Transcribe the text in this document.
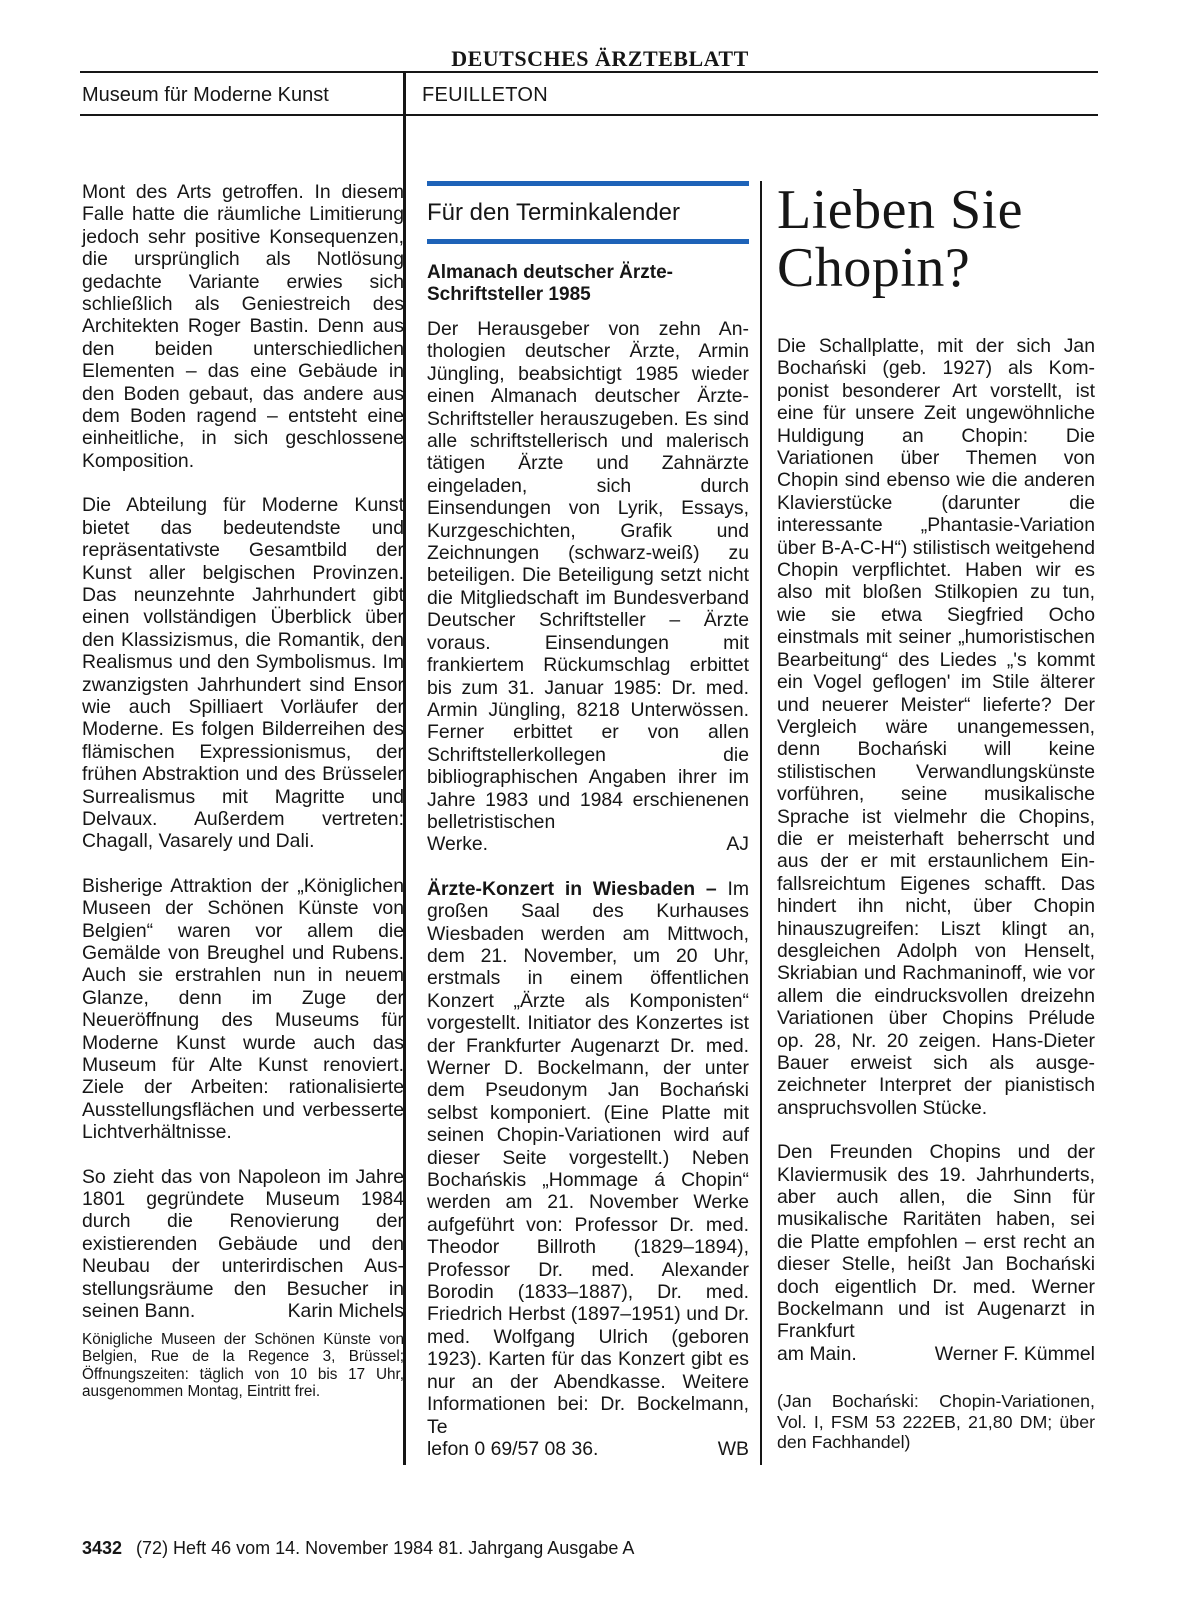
DEUTSCHES ÄRZTEBLATT
Museum für Moderne Kunst	FEUILLETON

Mont des Arts getroffen. In diesem Falle hatte die räumliche Limitierung jedoch sehr positive Konsequenzen, die ursprünglich als Notlösung gedachte Variante erwies sich schließlich als Geniestreich des Architekten Roger Bastin. Denn aus den beiden unterschiedlichen Elementen – das eine Gebäude in den Boden gebaut, das andere aus dem Boden ragend – entsteht eine einheitliche, in sich geschlossene Komposition.

Die Abteilung für Moderne Kunst bietet das bedeutendste und repräsentativste Gesamtbild der Kunst aller belgischen Provinzen. Das neunzehnte Jahrhundert gibt einen vollständigen Überblick über den Klassizismus, die Romantik, den Realismus und den Symbolismus. Im zwanzigsten Jahrhundert sind Ensor wie auch Spilliaert Vorläufer der Moderne. Es folgen Bilderreihen des flämischen Expressionismus, der frühen Abstraktion und des Brüsseler Surrealismus mit Magritte und Delvaux. Außerdem vertreten: Chagall, Vasarely und Dali.

Bisherige Attraktion der „Königlichen Museen der Schönen Künste von Belgien“ waren vor allem die Gemälde von Breughel und Rubens. Auch sie erstrahlen nun in neuem Glanze, denn im Zuge der Neueröffnung des Museums für Moderne Kunst wurde auch das Museum für Alte Kunst renoviert. Ziele der Arbeiten: rationalisierte Ausstellungsflächen und verbesserte Lichtverhältnisse.

So zieht das von Napoleon im Jahre 1801 gegründete Museum 1984 durch die Renovierung der existierenden Gebäude und den Neubau der unterirdischen Ausstellungsräume den Besucher in seinen Bann.	Karin Michels

Königliche Museen der Schönen Künste von Belgien, Rue de la Regence 3, Brüssel; Öffnungszeiten: täglich von 10 bis 17 Uhr, ausgenommen Montag, Eintritt frei.

Für den Terminkalender
Almanach deutscher Ärzte-Schriftsteller 1985

Der Herausgeber von zehn Anthologien deutscher Ärzte, Armin Jüngling, beabsichtigt 1985 wieder einen Almanach deutscher Ärzte-Schriftsteller herauszugeben. Es sind alle schriftstellerisch und malerisch tätigen Ärzte und Zahnärzte eingeladen, sich durch Einsendungen von Lyrik, Essays, Kurzgeschichten, Grafik und Zeichnungen (schwarz-weiß) zu beteiligen. Die Beteiligung setzt nicht die Mitgliedschaft im Bundesverband Deutscher Schriftsteller – Ärzte voraus. Einsendungen mit frankiertem Rückumschlag erbittet bis zum 31. Januar 1985: Dr. med. Armin Jüngling, 8218 Unterwössen. Ferner erbittet er von allen Schriftstellerkollegen die bibliographischen Angaben ihrer im Jahre 1983 und 1984 erschienenen belletristischen

Werke.	AJ

Ärzte-Konzert in Wiesbaden – Im großen Saal des Kurhauses Wiesbaden werden am Mittwoch, dem 21. November, um 20 Uhr, erstmals in einem öffentlichen Konzert „Ärzte als Komponisten“ vorgestellt. Initiator des Konzertes ist der Frankfurter Augenarzt Dr. med. Werner D. Bockelmann, der unter dem Pseudonym Jan Bochański selbst komponiert. (Eine Platte mit seinen Chopin-Variationen wird auf dieser Seite vorgestellt.) Neben Bochańskis „Hommage á Chopin“ werden am 21. November Werke aufgeführt von: Professor Dr. med. Theodor Billroth (1829–1894), Professor Dr. med. Alexander Borodin (1833–1887), Dr. med. Friedrich Herbst (1897–1951) und Dr. med. Wolfgang Ulrich (geboren 1923). Karten für das Konzert gibt es nur an der Abendkasse. Weitere Informationen bei: Dr. Bockelmann, Te

lefon 0 69/57 08 36.	WB

Lieben Sie Chopin?

Die Schallplatte, mit der sich Jan Bochański (geb. 1927) als Komponist besonderer Art vorstellt, ist eine für unsere Zeit ungewöhnliche Huldigung an Chopin: Die Variationen über Themen von Chopin sind ebenso wie die anderen Klavierstücke (darunter die interessante „Phantasie-Variation über B-A-C-H“) stilistisch weitgehend Chopin verpflichtet. Haben wir es also mit bloßen Stilkopien zu tun, wie sie etwa Siegfried Ocho einstmals mit seiner „humoristischen Bearbeitung“ des Liedes „'s kommt ein Vogel geflogen' im Stile älterer und neuerer Meister“ lieferte? Der Vergleich wäre unangemessen, denn Bochański will keine stilistischen Verwandlungskünste vorführen, seine musikalische Sprache ist vielmehr die Chopins, die er meisterhaft beherrscht und aus der er mit erstaunlichem Einfallsreichtum Eigenes schafft. Das hindert ihn nicht, über Chopin hinauszugreifen: Liszt klingt an, desgleichen Adolph von Henselt, Skriabian und Rachmaninoff, wie vor allem die eindrucksvollen dreizehn Variationen über Chopins Prélude op. 28, Nr. 20 zeigen. Hans-Dieter Bauer erweist sich als ausgezeichneter Interpret der pianistisch anspruchsvollen Stücke.

Den Freunden Chopins und der Klaviermusik des 19. Jahrhunderts, aber auch allen, die Sinn für musikalische Raritäten haben, sei die Platte empfohlen – erst recht an dieser Stelle, heißt Jan Bochański doch eigentlich Dr. med. Werner Bockelmann und ist Augenarzt in Frankfurt

am Main.	Werner F. Kümmel

(Jan Bochański: Chopin-Variationen, Vol. I, FSM 53 222EB, 21,80 DM; über den Fachhandel)

3432 (72) Heft 46 vom 14. November 1984 81. Jahrgang Ausgabe A
